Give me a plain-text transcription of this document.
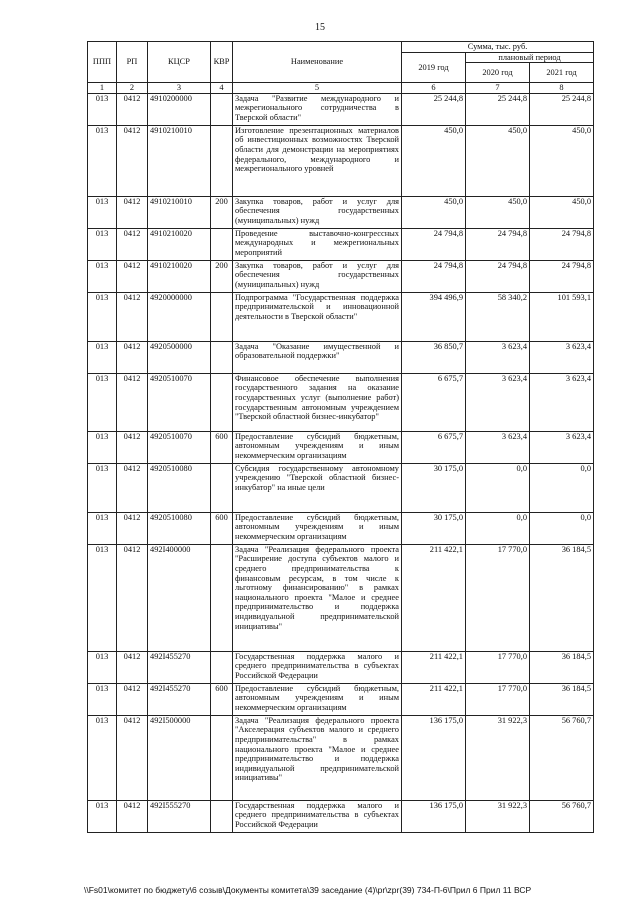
15
ППП	РП	КЦСР	КВР	Наименование	Сумма, тыс. руб.		
					2019 год	плановый период	
						2020 год	2021 год
1	2	3	4	5	6	7	8
013	0412	4910200000		Задача "Развитие международного и межрегионального сотрудничества в Тверской области"	25 244,8	25 244,8	25 244,8
013	0412	4910210010		Изготовление презентационных материалов об инвестиционных возможностях Тверской области для демонстрации на мероприятиях федерального, международного и межрегионального уровней	450,0	450,0	450,0
013	0412	4910210010	200	Закупка товаров, работ и услуг для обеспечения государственных (муниципальных) нужд	450,0	450,0	450,0
013	0412	4910210020		Проведение выставочно-конгрессных международных и межрегиональных мероприятий	24 794,8	24 794,8	24 794,8
013	0412	4910210020	200	Закупка товаров, работ и услуг для обеспечения государственных (муниципальных) нужд	24 794,8	24 794,8	24 794,8
013	0412	4920000000		Подпрограмма "Государственная поддержка предпринимательской и инновационной деятельности в Тверской области"	394 496,9	58 340,2	101 593,1
013	0412	4920500000		Задача "Оказание имущественной и образовательной поддержки"	36 850,7	3 623,4	3 623,4
013	0412	4920510070		Финансовое обеспечение выполнения государственного задания на оказание государственных услуг (выполнение работ) государственным автономным учреждением "Тверской областной бизнес-инкубатор"	6 675,7	3 623,4	3 623,4
013	0412	4920510070	600	Предоставление субсидий бюджетным, автономным учреждениям и иным некоммерческим организациям	6 675,7	3 623,4	3 623,4
013	0412	4920510080		Субсидия государственному автономному учреждению "Тверской областной бизнес-инкубатор" на иные цели	30 175,0	0,0	0,0
013	0412	4920510080	600	Предоставление субсидий бюджетным, автономным учреждениям и иным некоммерческим организациям	30 175,0	0,0	0,0
013	0412	492I400000		Задача "Реализация федерального проекта "Расширение доступа субъектов малого и среднего предпринимательства к финансовым ресурсам, в том числе к льготному финансированию" в рамках национального проекта "Малое и среднее предпринимательство и поддержка индивидуальной предпринимательской инициативы"	211 422,1	17 770,0	36 184,5
013	0412	492I455270		Государственная поддержка малого и среднего предпринимательства в субъектах Российской Федерации	211 422,1	17 770,0	36 184,5
013	0412	492I455270	600	Предоставление субсидий бюджетным, автономным учреждениям и иным некоммерческим организациям	211 422,1	17 770,0	36 184,5
013	0412	492I500000		Задача "Реализация федерального проекта "Акселерация субъектов малого и среднего предпринимательства" в рамках национального проекта "Малое и среднее предпринимательство и поддержка индивидуальной предпринимательской инициативы"	136 175,0	31 922,3	56 760,7
013	0412	492I555270		Государственная поддержка малого и среднего предпринимательства в субъектах Российской Федерации	136 175,0	31 922,3	56 760,7
\\Fs01\комитет по бюджету\6 созыв\Документы комитета\39 заседание (4)\pr\zpr(39) 734-П-6\Прил 6 Прил 11 ВСР
